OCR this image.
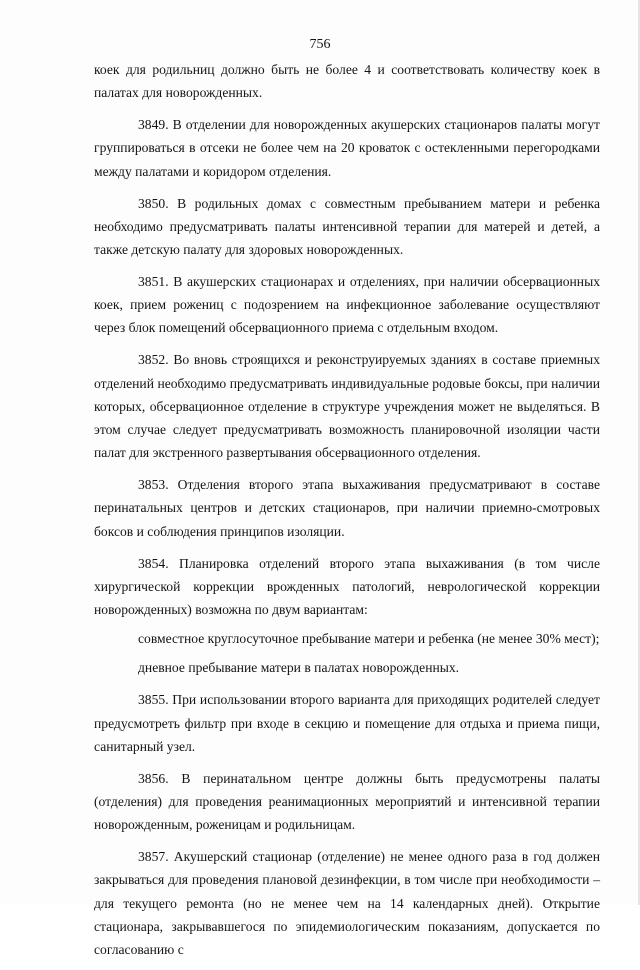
756

коек для родильниц должно быть не более 4 и соответствовать количеству коек в палатах для новорожденных.

3849. В отделении для новорожденных акушерских стационаров палаты могут группироваться в отсеки не более чем на 20 кроваток с остекленными перегородками между палатами и коридором отделения.

3850. В родильных домах с совместным пребыванием матери и ребенка необходимо предусматривать палаты интенсивной терапии для матерей и детей, а также детскую палату для здоровых новорожденных.

3851. В акушерских стационарах и отделениях, при наличии обсервационных коек, прием рожениц с подозрением на инфекционное заболевание осуществляют через блок помещений обсервационного приема с отдельным входом.

3852. Во вновь строящихся и реконструируемых зданиях в составе приемных отделений необходимо предусматривать индивидуальные родовые боксы, при наличии которых, обсервационное отделение в структуре учреждения может не выделяться. В этом случае следует предусматривать возможность планировочной изоляции части палат для экстренного развертывания обсервационного отделения.

3853. Отделения второго этапа выхаживания предусматривают в составе перинатальных центров и детских стационаров, при наличии приемно-смотровых боксов и соблюдения принципов изоляции.

3854. Планировка отделений второго этапа выхаживания (в том числе хирургической коррекции врожденных патологий, неврологической коррекции новорожденных) возможна по двум вариантам:

совместное круглосуточное пребывание матери и ребенка (не менее 30% мест);

дневное пребывание матери в палатах новорожденных.

3855. При использовании второго варианта для приходящих родителей следует предусмотреть фильтр при входе в секцию и помещение для отдыха и приема пищи, санитарный узел.

3856. В перинатальном центре должны быть предусмотрены палаты (отделения) для проведения реанимационных мероприятий и интенсивной терапии новорожденным, роженицам и родильницам.

3857. Акушерский стационар (отделение) не менее одного раза в год должен закрываться для проведения плановой дезинфекции, в том числе при необходимости – для текущего ремонта (но не менее чем на 14 календарных дней). Открытие стационара, закрывавшегося по эпидемиологическим показаниям, допускается по согласованию с
